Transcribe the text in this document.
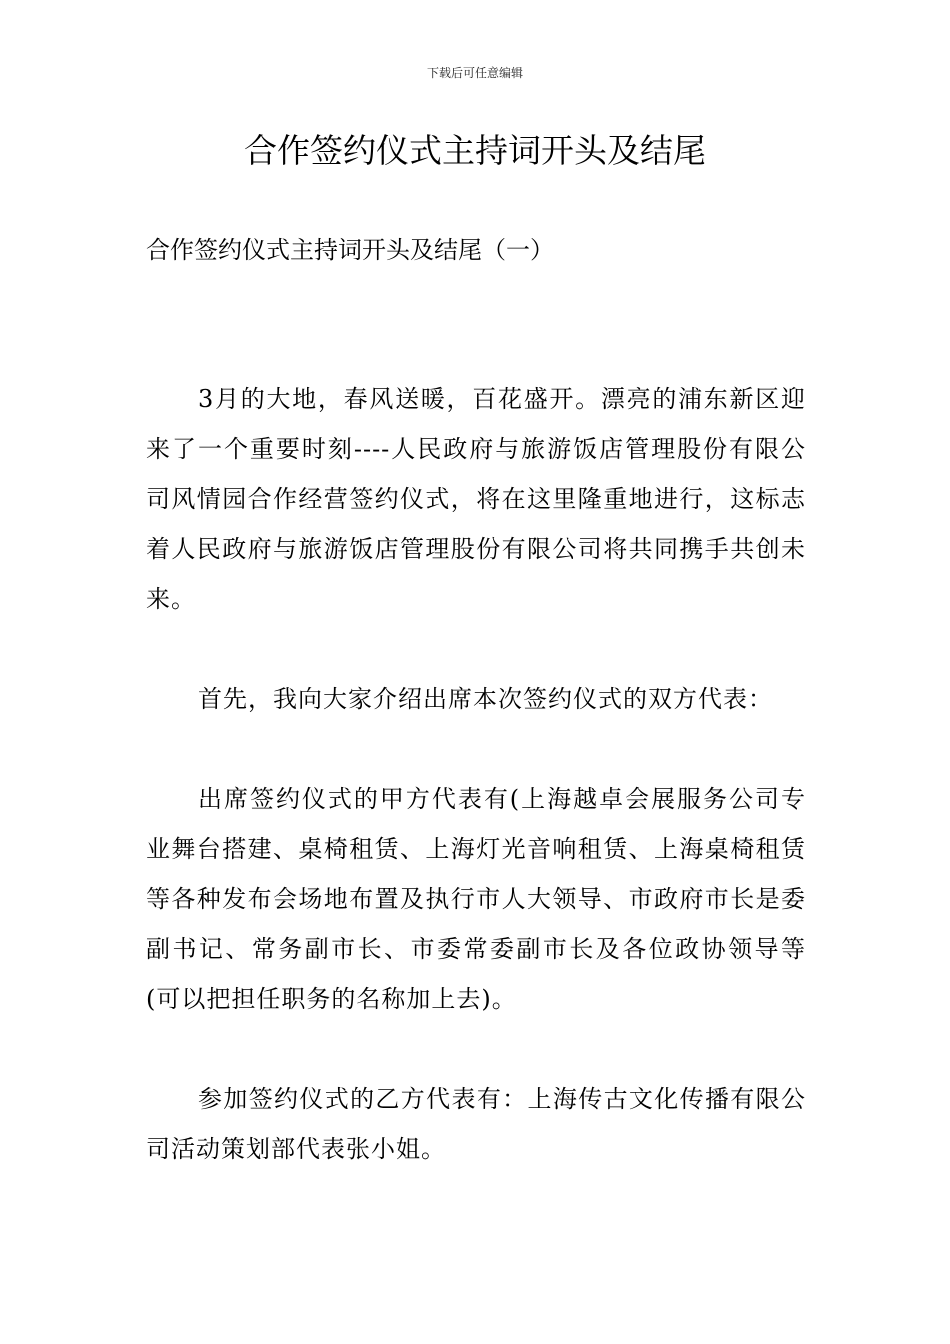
下载后可任意编辑
合作签约仪式主持词开头及结尾
合作签约仪式主持词开头及结尾（一）

3月的大地，春风送暖，百花盛开。漂亮的浦东新区迎来了一个重要时刻----人民政府与旅游饭店管理股份有限公司风情园合作经营签约仪式，将在这里隆重地进行，这标志着人民政府与旅游饭店管理股份有限公司将共同携手共创未来。

首先，我向大家介绍出席本次签约仪式的双方代表：

出席签约仪式的甲方代表有(上海越卓会展服务公司专业舞台搭建、桌椅租赁、上海灯光音响租赁、上海桌椅租赁等各种发布会场地布置及执行市人大领导、市政府市长是委副书记、常务副市长、市委常委副市长及各位政协领导等(可以把担任职务的名称加上去)。

参加签约仪式的乙方代表有：上海传古文化传播有限公司活动策划部代表张小姐。
